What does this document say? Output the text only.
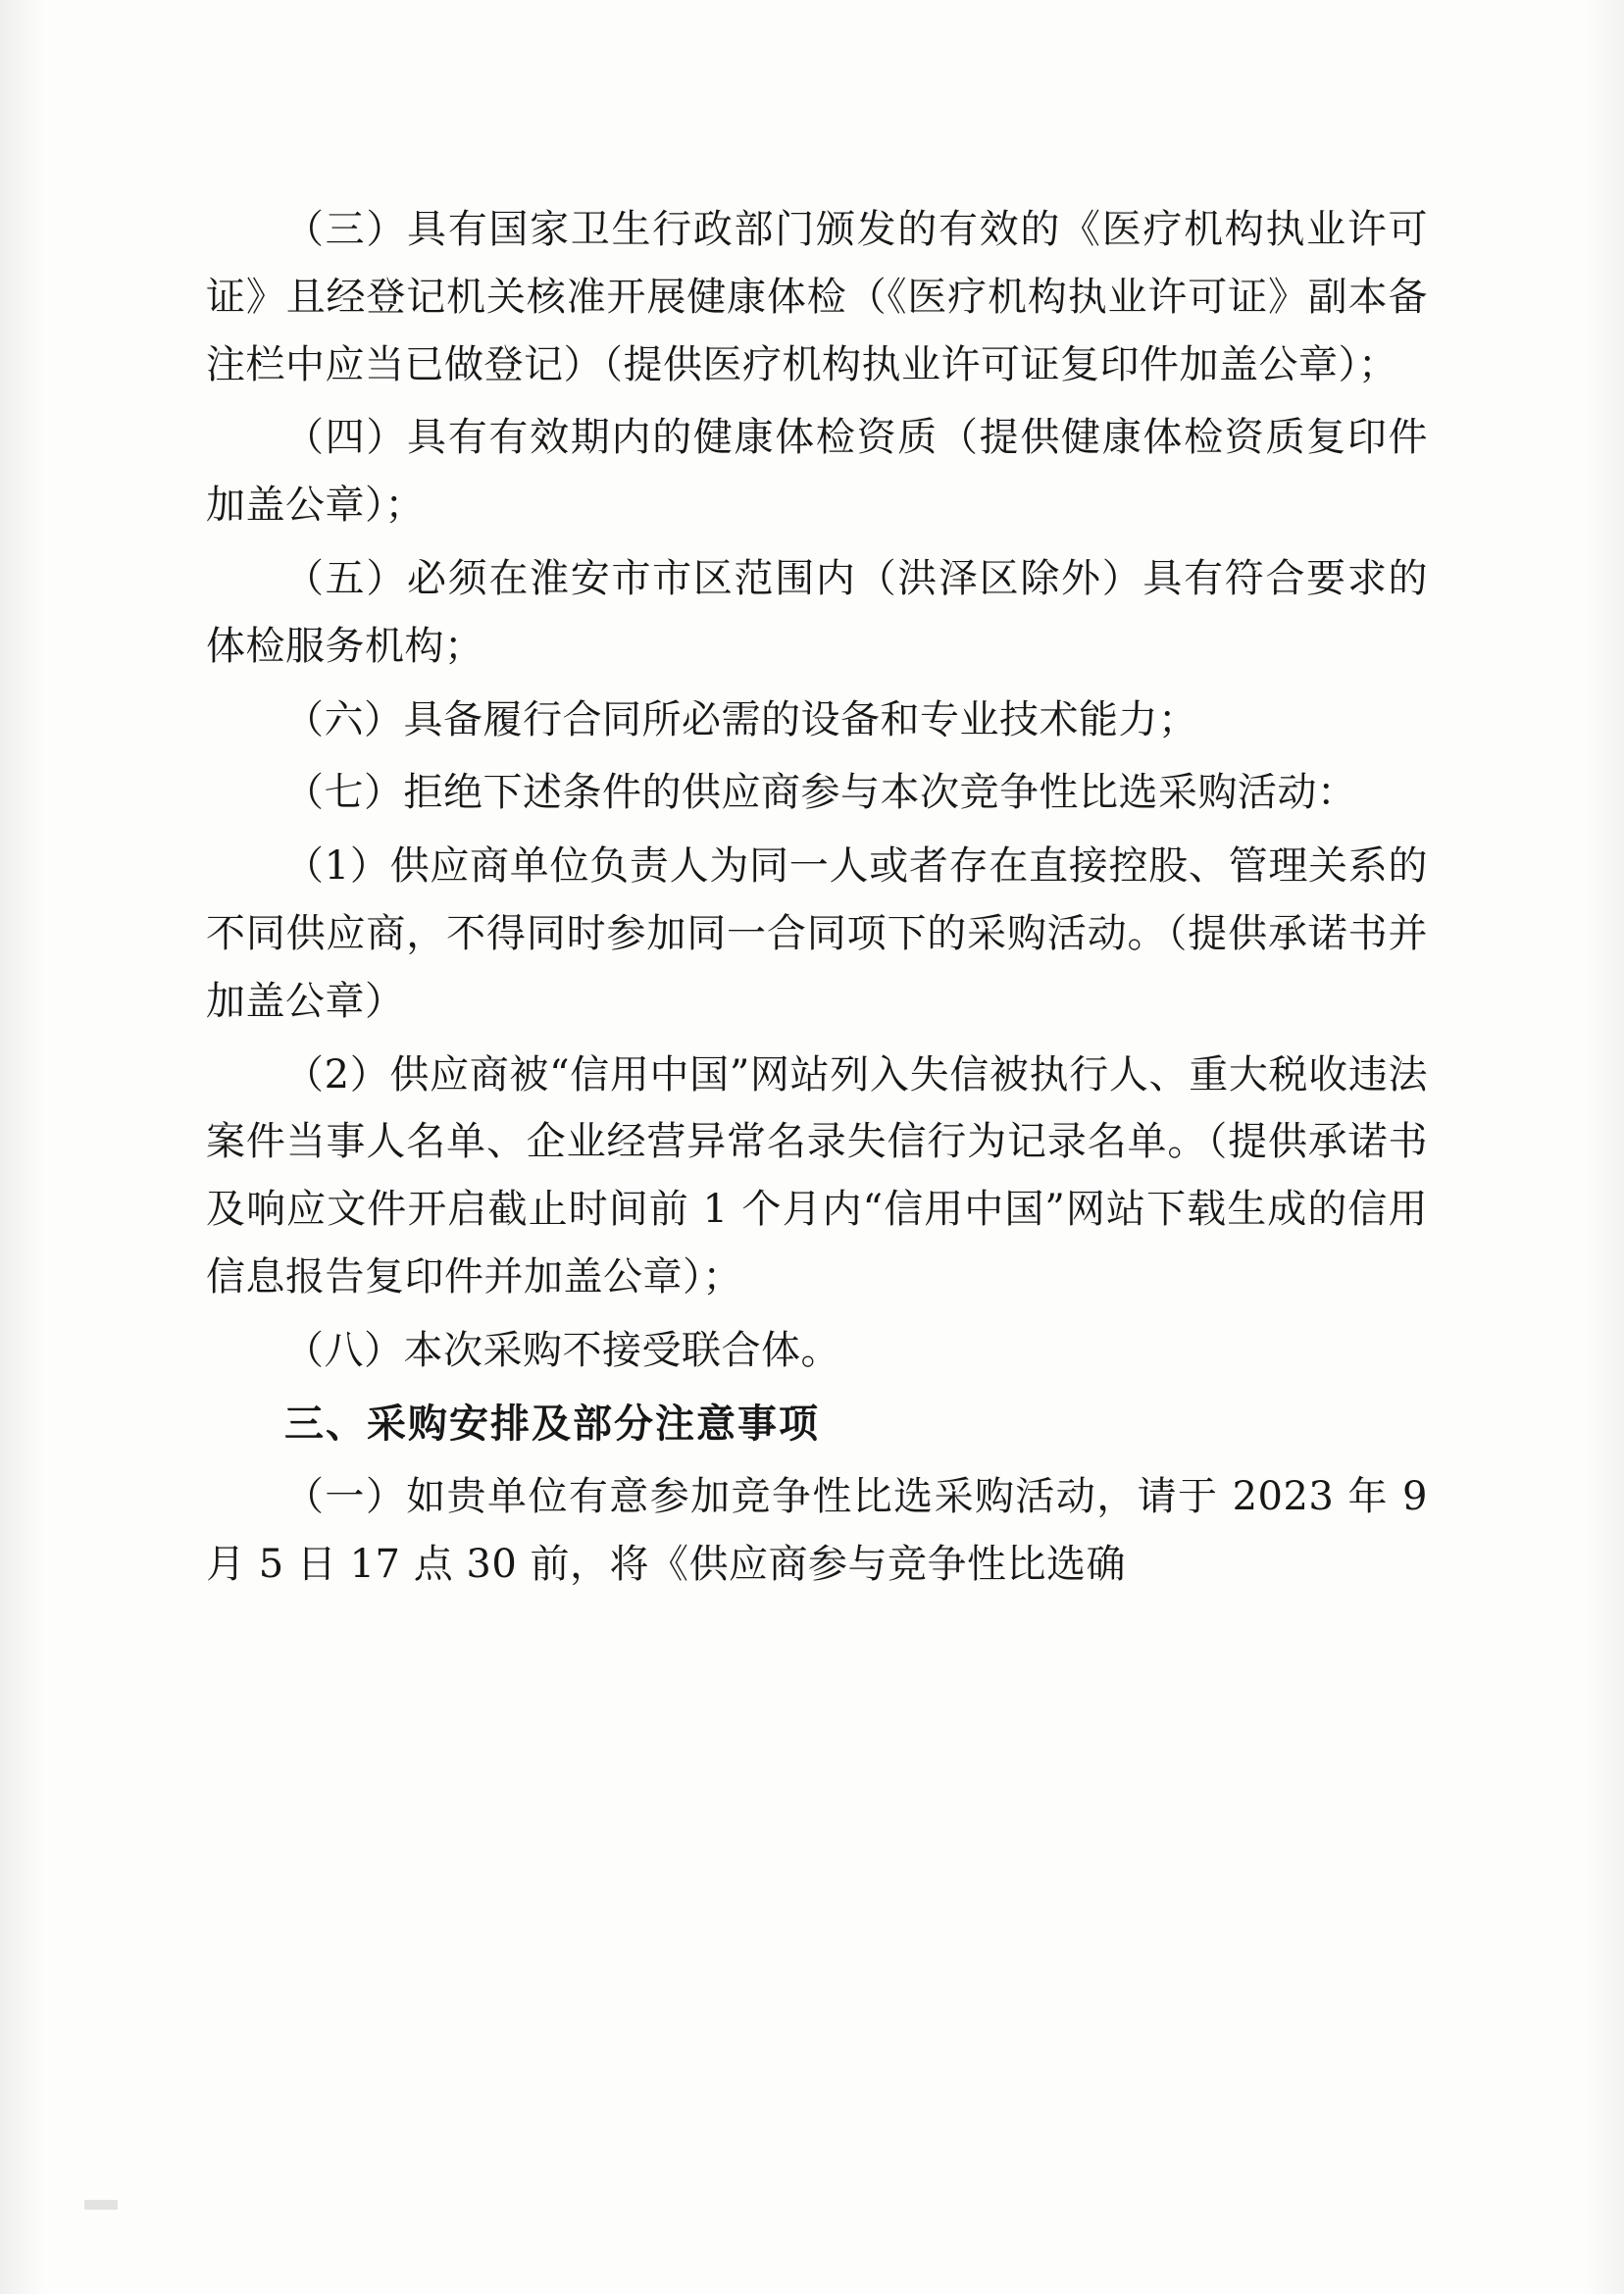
（三）具有国家卫生行政部门颁发的有效的《医疗机构执业许可证》且经登记机关核准开展健康体检（《医疗机构执业许可证》副本备注栏中应当已做登记）（提供医疗机构执业许可证复印件加盖公章）；

（四）具有有效期内的健康体检资质（提供健康体检资质复印件加盖公章）；

（五）必须在淮安市市区范围内（洪泽区除外）具有符合要求的体检服务机构；

（六）具备履行合同所必需的设备和专业技术能力；

（七）拒绝下述条件的供应商参与本次竞争性比选采购活动：

（1）供应商单位负责人为同一人或者存在直接控股、管理关系的不同供应商，不得同时参加同一合同项下的采购活动。（提供承诺书并加盖公章）

（2）供应商被“信用中国”网站列入失信被执行人、重大税收违法案件当事人名单、企业经营异常名录失信行为记录名单。（提供承诺书及响应文件开启截止时间前 1 个月内“信用中国”网站下载生成的信用信息报告复印件并加盖公章）；

（八）本次采购不接受联合体。

三、采购安排及部分注意事项

（一）如贵单位有意参加竞争性比选采购活动，请于 2023 年 9 月 5 日 17 点 30 前，将《供应商参与竞争性比选确
